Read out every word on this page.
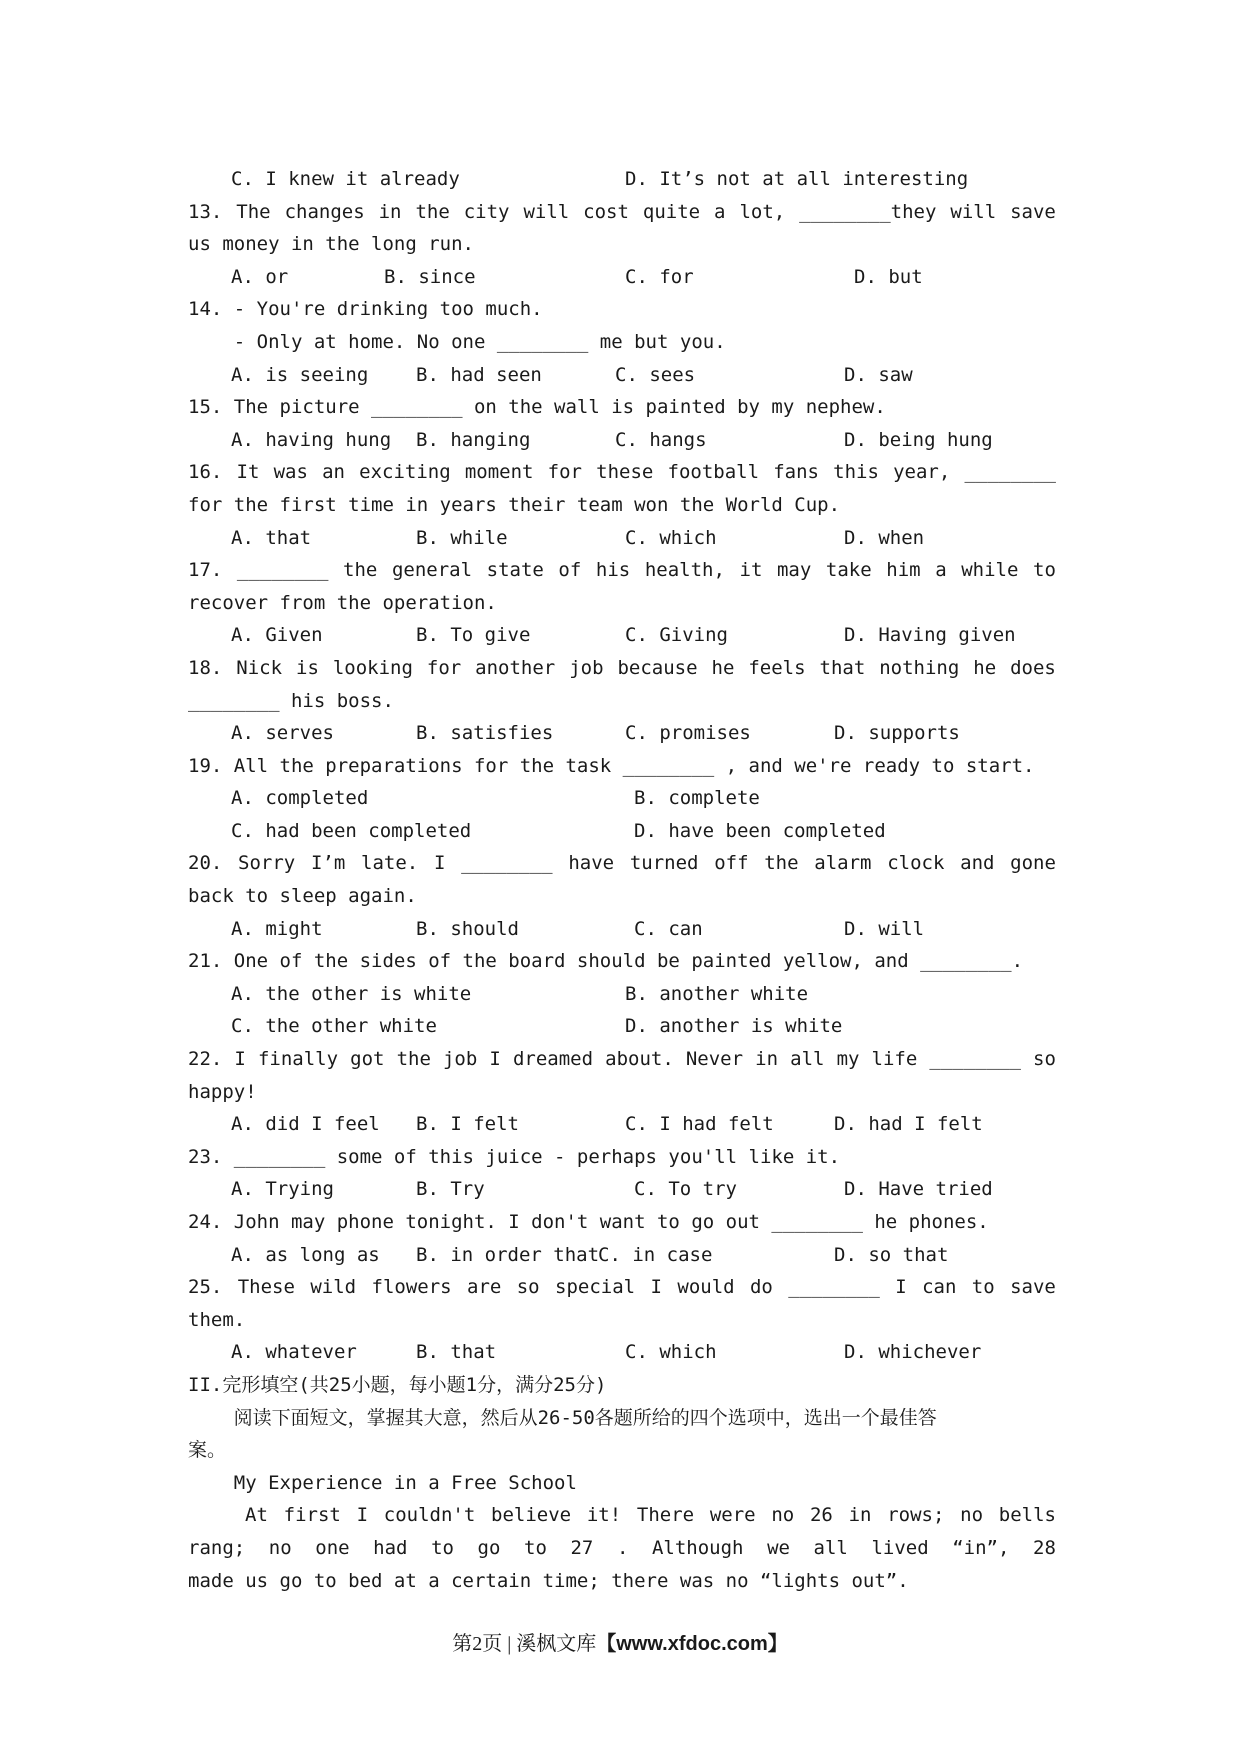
C. I knew it already	D. It’s not at all interesting
13. The changes in the city will cost quite a lot, ________they will save
us money in the long run.
A. or	B. since	C. for	D. but
14. - You're drinking too much.
- Only at home. No one ________ me but you.
A. is seeing	B. had seen	C. sees	D. saw
15. The picture ________ on the wall is painted by my nephew.
A. having hung B. hanging	C. hangs	D. being hung
16. It was an exciting moment for these football fans this year, ________
for the first time in years their team won the World Cup.
A. that	B. while	C. which	D. when
17. ________ the general state of his health, it may take him a while to
recover from the operation.
A. Given	B. To give	C. Giving	D. Having given
18. Nick is looking for another job because he feels that nothing he does
________ his boss.
A. serves	B. satisfies	C. promises	D. supports
19. All the preparations for the task ________ , and we're ready to start.
A. completed	B. complete
C. had been completed	D. have been completed
20. Sorry I’m late. I ________ have turned off the alarm clock and gone
back to sleep again.
A. might	B. should	C. can	D. will
21. One of the sides of the board should be painted yellow, and ________.
A. the other is white	B. another white
C. the other white	D. another is white
22. I finally got the job I dreamed about. Never in all my life ________ so
happy!
A. did I feel B. I felt	C. I had felt	D. had I felt
23. ________ some of this juice - perhaps you'll like it.
A. Trying	B. Try	C. To try	D. Have tried
24. John may phone tonight. I don't want to go out ________ he phones.
A. as long as B. in order that
C. in case	D. so that
25. These wild flowers are so special I would do ________ I can to save
them.
A. whatever	B. that	C. which	D. whichever
II.完形填空(共25小题，每小题1分，满分25分)
阅读下面短文，掌握其大意，然后从26-50各题所给的四个选项中，选出一个最佳答
案。
My Experience in a Free School
At first I couldn't believe it! There were no 26 in rows; no bells
rang; no one had to go to 27 . Although we all lived “in”, 28
made us go to bed at a certain time; there was no “lights out”.
第2页 | 溪枫文库【www.xfdoc.com】
